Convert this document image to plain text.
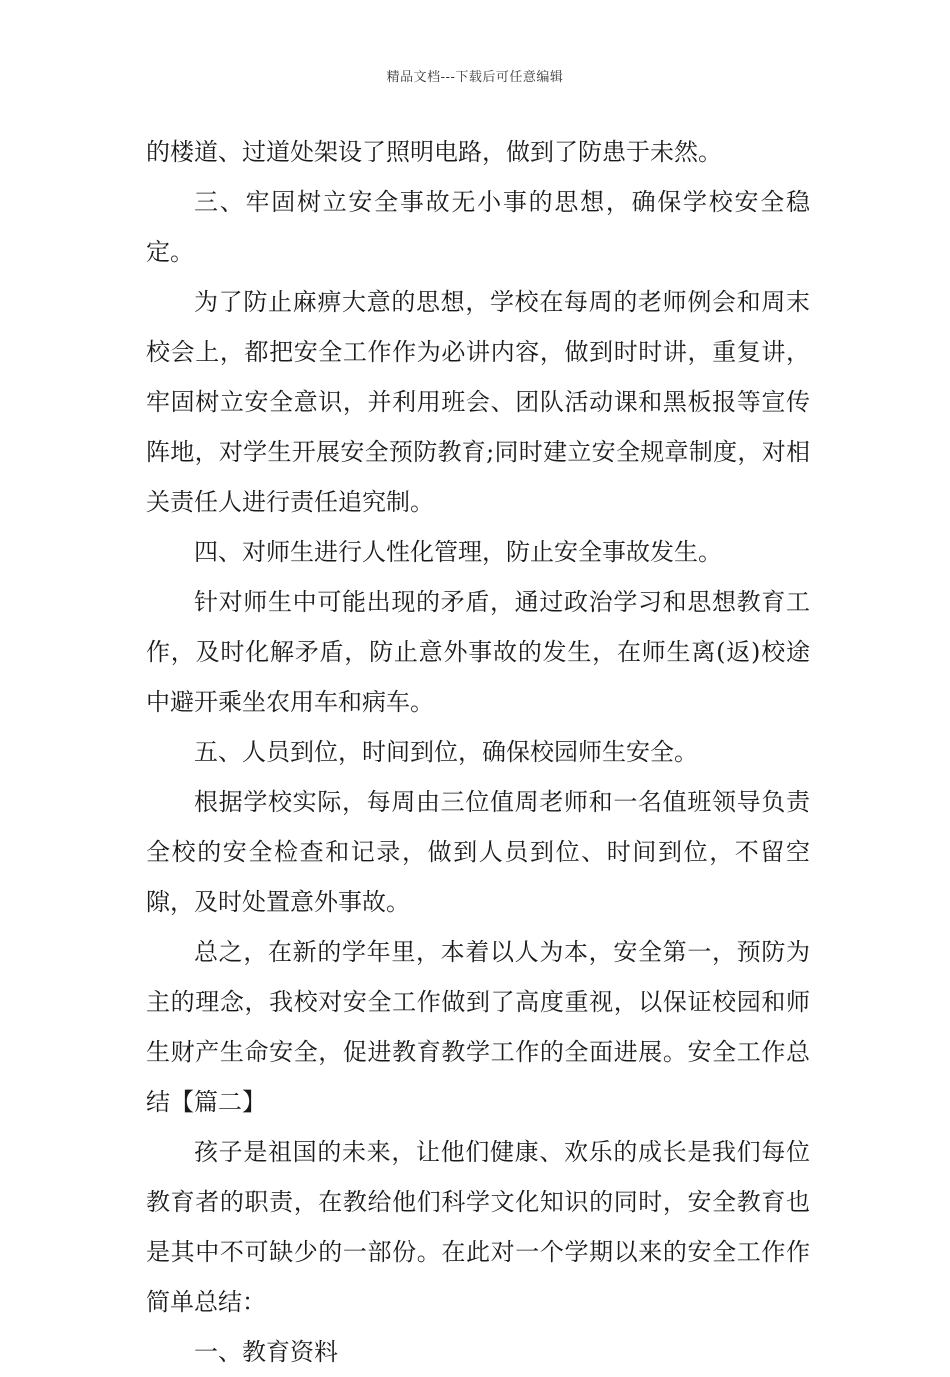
精品文档---下载后可任意编辑

的楼道、过道处架设了照明电路，做到了防患于未然。

三、牢固树立安全事故无小事的思想，确保学校安全稳定。

为了防止麻痹大意的思想，学校在每周的老师例会和周末校会上，都把安全工作作为必讲内容，做到时时讲，重复讲，牢固树立安全意识，并利用班会、团队活动课和黑板报等宣传阵地，对学生开展安全预防教育;同时建立安全规章制度，对相关责任人进行责任追究制。

四、对师生进行人性化管理，防止安全事故发生。

针对师生中可能出现的矛盾，通过政治学习和思想教育工作，及时化解矛盾，防止意外事故的发生，在师生离(返)校途中避开乘坐农用车和病车。

五、人员到位，时间到位，确保校园师生安全。

根据学校实际，每周由三位值周老师和一名值班领导负责全校的安全检查和记录，做到人员到位、时间到位，不留空隙，及时处置意外事故。

总之，在新的学年里，本着以人为本，安全第一，预防为主的理念，我校对安全工作做到了高度重视，以保证校园和师生财产生命安全，促进教育教学工作的全面进展。安全工作总结【篇二】

孩子是祖国的未来，让他们健康、欢乐的成长是我们每位教育者的职责，在教给他们科学文化知识的同时，安全教育也是其中不可缺少的一部份。在此对一个学期以来的安全工作作简单总结：

一、教育资料
